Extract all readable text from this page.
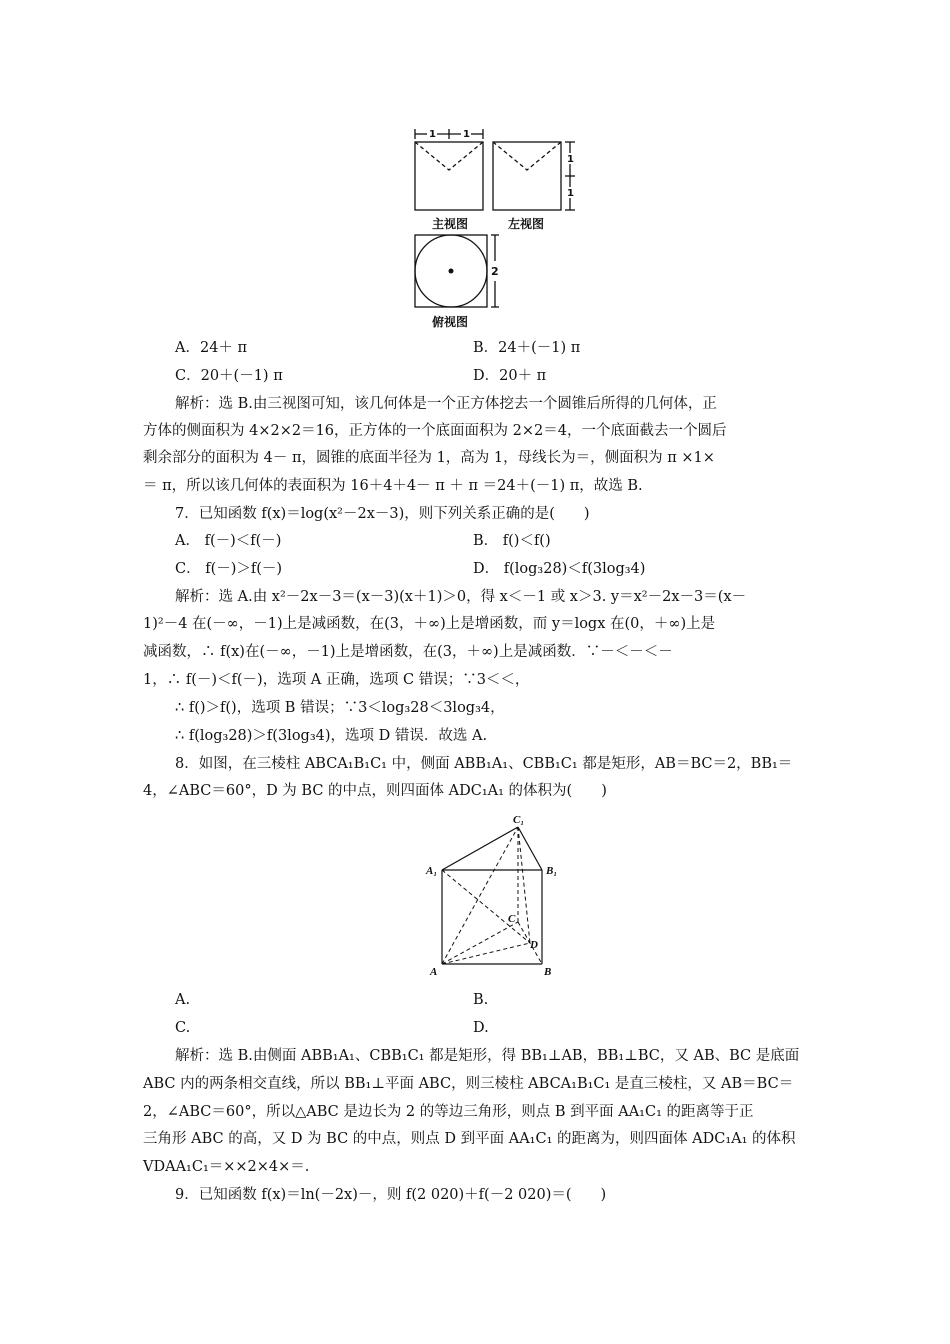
1	1
1
1
2
主视图	左视图
俯视图
A．24＋ π	B．24＋(－1) π
C．20＋(－1) π	D．20＋ π
解析：选 B.由三视图可知，该几何体是一个正方体挖去一个圆锥后所得的几何体，正
方体的侧面积为 4×2×2＝16，正方体的一个底面面积为 2×2＝4，一个底面截去一个圆后
剩余部分的面积为 4－ π，圆锥的底面半径为 1，高为 1，母线长为＝，侧面积为 π ×1×
＝ π，所以该几何体的表面积为 16＋4＋4－ π ＋ π ＝24＋(－1) π，故选 B.
7．已知函数 f(x)＝log(x²－2x－3)，则下列关系正确的是(　　)
A． f(－)＜f(－)	B． f()＜f()
C． f(－)＞f(－)	D． f(log₃28)＜f(3log₃4)
解析：选 A.由 x²－2x－3＝(x－3)(x＋1)＞0，得 x＜－1 或 x＞3. y＝x²－2x－3＝(x－
1)²－4 在(－∞，－1)上是减函数，在(3，＋∞)上是增函数，而 y＝logx 在(0，＋∞)上是
减函数，∴ f(x)在(－∞，－1)上是增函数，在(3，＋∞)上是减函数．∵－＜－＜－
1，∴ f(－)＜f(－)，选项 A 正确，选项 C 错误；∵3＜＜，
∴ f()＞f()，选项 B 错误；∵3＜log₃28＜3log₃4，
∴ f(log₃28)＞f(3log₃4)，选项 D 错误．故选 A.
8．如图，在三棱柱 ABCA₁B₁C₁ 中，侧面 ABB₁A₁、CBB₁C₁ 都是矩形，AB＝BC＝2，BB₁＝
4，∠ABC＝60°，D 为 BC 的中点，则四面体 ADC₁A₁ 的体积为(　　)
C₁
A₁	B₁
C
D
A	B
A.	B.
C.	D.
解析：选 B.由侧面 ABB₁A₁、CBB₁C₁ 都是矩形，得 BB₁⊥AB，BB₁⊥BC，又 AB、BC 是底面
ABC 内的两条相交直线，所以 BB₁⊥平面 ABC，则三棱柱 ABCA₁B₁C₁ 是直三棱柱，又 AB＝BC＝
2，∠ABC＝60°，所以△ABC 是边长为 2 的等边三角形，则点 B 到平面 AA₁C₁ 的距离等于正
三角形 ABC 的高，又 D 为 BC 的中点，则点 D 到平面 AA₁C₁ 的距离为，则四面体 ADC₁A₁ 的体积
VDAA₁C₁＝××2×4×＝.
9．已知函数 f(x)＝ln(－2x)－，则 f(2 020)＋f(－2 020)＝(　　)
